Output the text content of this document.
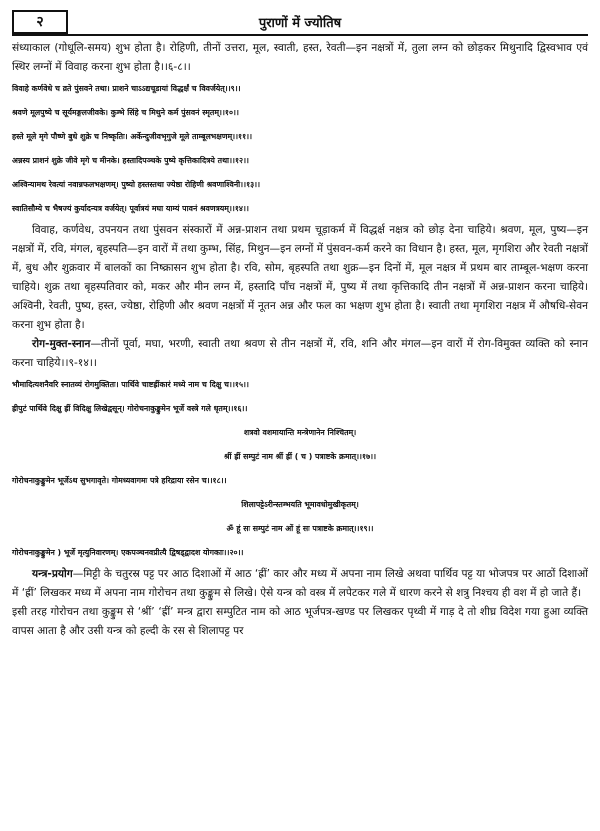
२	पुराणों में ज्योतिष

संध्याकाल (गोधूलि-समय) शुभ होता है। रोहिणी, तीनों उत्तरा, मूल, स्वाती, हस्त, रेवती—इन नक्षत्रों में, तुला लग्न को छोड़कर मिथुनादि द्विस्वभाव एवं स्थिर लग्नों में विवाह करना शुभ होता है।।६-८।।

विवाहे कर्णवेधे च व्रते पुंसवने तथा। प्राशने चाऽऽद्यचूडायां विद्धर्क्षं च विवर्जयेत्।।९।।
श्रवणे मूलपुष्ये च सूर्यमङ्गलजीवके। कुम्भे सिंहे च मिथुने कर्म पुंसवनं स्मृतम्।।१०।।
हस्ते मूले मृगे पौष्णे बुधे शुक्रे च निष्कृतिः। अर्केन्दुजीवभृगुजे मूले ताम्बूलभक्षणम्।।११।।
अन्नस्य प्राशनं शुक्रे जीवे मृगे च मीनके। हस्तादिपञ्चके पुष्ये कृत्तिकादित्रये तथा।।१२।।
अश्विन्यामथ रेवत्यां नवान्नफलभक्षणम्। पुष्यो हस्तस्तथा ज्येष्ठा रोहिणी श्रवणाश्विनी।।१३।।
स्वातिसौम्ये च भैषज्यं कुर्यादन्यत्र वर्जयेत्। पूर्वात्रयं मघा याम्यं पावनं श्रवणत्रयम्।।१४।।

विवाह, कर्णवेध, उपनयन तथा पुंसवन संस्कारों में अन्न-प्राशन तथा प्रथम चूड़ाकर्म में विद्धर्क्ष नक्षत्र को छोड़ देना चाहिये। श्रवण, मूल, पुष्य—इन नक्षत्रों में, रवि, मंगल, बृहस्पति—इन वारों में तथा कुम्भ, सिंह, मिथुन—इन लग्नों में पुंसवन-कर्म करने का विधान है। हस्त, मूल, मृगशिरा और रेवती नक्षत्रों में, बुध और शुक्रवार में बालकों का निष्क्रासन शुभ होता है। रवि, सोम, बृहस्पति तथा शुक्र—इन दिनों में, मूल नक्षत्र में प्रथम बार ताम्बूल-भक्षण करना चाहिये। शुक्र तथा बृहस्पतिवार को, मकर और मीन लग्न में, हस्तादि पाँच नक्षत्रों में, पुष्य में तथा कृत्तिकादि तीन नक्षत्रों में अन्न-प्राशन करना चाहिये। अश्विनी, रेवती, पुष्य, हस्त, ज्येष्ठा, रोहिणी और श्रवण नक्षत्रों में नूतन अन्न और फल का भक्षण शुभ होता है। स्वाती तथा मृगशिरा नक्षत्र में औषधि-सेवन करना शुभ होता है।

रोग-मुक्त-स्नान—तीनों पूर्वा, मघा, भरणी, स्वाती तथा श्रवण से तीन नक्षत्रों में, रवि, शनि और मंगल—इन वारों में रोग-विमुक्त व्यक्ति को स्नान करना चाहिये।।९-१४।।

भौमादित्यशनैवरि स्नातव्यं रोगमुक्तितः। पार्थिवे चाष्टह्रींकारं मध्ये नाम च दिक्षु च।।१५।।
ह्रीपुटं पार्थिवे दिक्षु ह्रीं विदिक्षु लिखेद्वसून्। गोरोचनाकुङ्कुमेन भूर्जे वस्त्रे गले धृतम्।।१६।।
शत्रवो वशमायान्ति मन्त्रेणानेन निश्चितम्।
श्रीं ह्रीं सम्पुटं नाम श्रीं ह्रीं ( च ) पत्राष्टके क्रमात्।।१७।।
गोरोचनाकुङ्कुमेन भूर्जेऽथ सुभगावृते। गोमध्यवागमः पत्रे हरिद्राया रसेन च।।१८।।
शिलापट्टेऽरीन्स्तम्भयति भूमावधोमुखीकृतम्।
ॐ हूं सः सम्पुटं नाम ओं हूं सः पत्राष्टके क्रमात्।।१९।।
गोरोचनाकुङ्कुमेन ) भूर्जे मृत्युनिवारणम्। एकपञ्चनवप्रीत्यै द्विषड्द्वादश योगकाः।।२०।।

यन्त्र-प्रयोग—मिट्टी के चतुरस्र पट्ट पर आठ दिशाओं में आठ ‘ह्रीं’ कार और मध्य में अपना नाम लिखे अथवा पार्थिव पट्ट या भोजपत्र पर आठों दिशाओं में ‘ह्रीं’ लिखकर मध्य में अपना नाम गोरोचन तथा कुङ्कुम से लिखे। ऐसे यन्त्र को वस्त्र में लपेटकर गले में धारण करने से शत्रु निश्चय ही वश में हो जाते हैं।

इसी तरह गोरोचन तथा कुङ्कुम से ‘श्रीं’ ‘ह्रीं’ मन्त्र द्वारा सम्पुटित नाम को आठ भूर्जपत्र-खण्ड पर लिखकर पृथ्वी में गाड़ दे तो शीघ्र विदेश गया हुआ व्यक्ति वापस आता है और उसी यन्त्र को हल्दी के रस से शिलापट्ट पर
